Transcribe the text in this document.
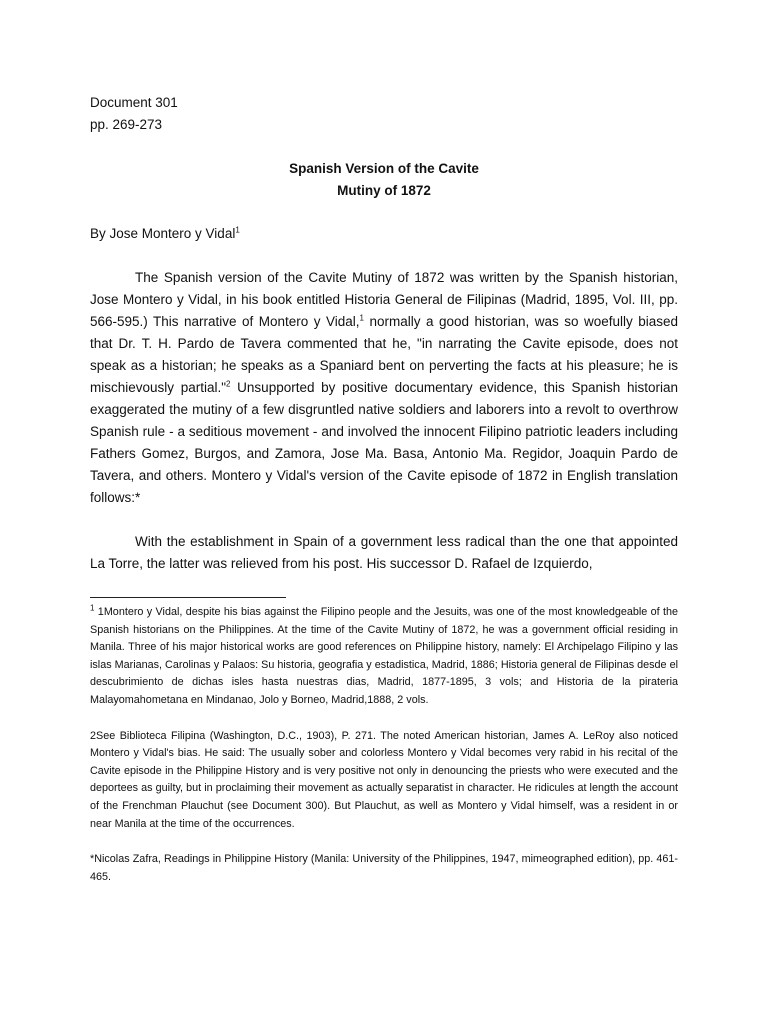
Document 301
pp. 269-273
Spanish Version of the Cavite
Mutiny of 1872
By Jose Montero y Vidal$^1$

The Spanish version of the Cavite Mutiny of 1872 was written by the Spanish historian, Jose Montero y Vidal, in his book entitled Historia General de Filipinas (Madrid, 1895, Vol. III, pp. 566-595.) This narrative of Montero y Vidal,$^1$ normally a good historian, was so woefully biased that Dr. T. H. Pardo de Tavera commented that he, "in narrating the Cavite episode, does not speak as a historian; he speaks as a Spaniard bent on perverting the facts at his pleasure; he is mischievously partial."$^2$ Unsupported by positive documentary evidence, this Spanish historian exaggerated the mutiny of a few disgruntled native soldiers and laborers into a revolt to overthrow Spanish rule - a seditious movement - and involved the innocent Filipino patriotic leaders including Fathers Gomez, Burgos, and Zamora, Jose Ma. Basa, Antonio Ma. Regidor, Joaquin Pardo de Tavera, and others. Montero y Vidal's version of the Cavite episode of 1872 in English translation follows:*

With the establishment in Spain of a government less radical than the one that appointed La Torre, the latter was relieved from his post. His successor D. Rafael de Izquierdo,

$^1$ 1Montero y Vidal, despite his bias against the Filipino people and the Jesuits, was one of the most knowledgeable of the Spanish historians on the Philippines. At the time of the Cavite Mutiny of 1872, he was a government official residing in Manila. Three of his major historical works are good references on Philippine history, namely: El Archipelago Filipino y las islas Marianas, Carolinas y Palaos: Su historia, geografia y estadistica, Madrid, 1886; Historia general de Filipinas desde el descubrimiento de dichas isles hasta nuestras dias, Madrid, 1877-1895, 3 vols; and Historia de la pirateria Malayomahometana en Mindanao, Jolo y Borneo, Madrid,1888, 2 vols.

2See Biblioteca Filipina (Washington, D.C., 1903), P. 271. The noted American historian, James A. LeRoy also noticed Montero y Vidal's bias. He said: The usually sober and colorless Montero y Vidal becomes very rabid in his recital of the Cavite episode in the Philippine History and is very positive not only in denouncing the priests who were executed and the deportees as guilty, but in proclaiming their movement as actually separatist in character. He ridicules at length the account of the Frenchman Plauchut (see Document 300). But Plauchut, as well as Montero y Vidal himself, was a resident in or near Manila at the time of the occurrences.

*Nicolas Zafra, Readings in Philippine History (Manila: University of the Philippines, 1947, mimeographed edition), pp. 461-465.
